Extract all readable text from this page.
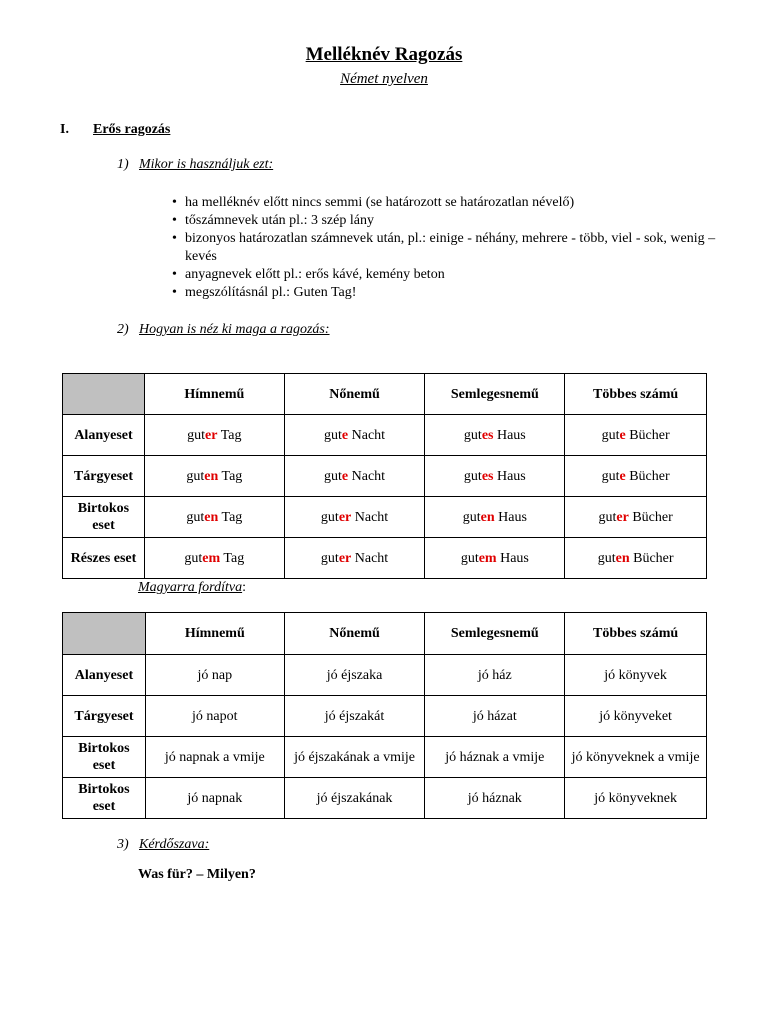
Melléknév Ragozás
Német nyelven
I. Erős ragozás
1) Mikor is használjuk ezt:
• ha melléknév előtt nincs semmi (se határozott se határozatlan névelő)
• tőszámnevek után pl.: 3 szép lány
• bizonyos határozatlan számnevek után, pl.: einige - néhány, mehrere - több, viel - sok, wenig – kevés
• anyagnevek előtt pl.: erős kávé, kemény beton
• megszólításnál pl.: Guten Tag!
2) Hogyan is néz ki maga a ragozás:
	Hímnemű	Nőnemű	Semlegesnemű	Többes számú
Alanyeset	guter Tag	gute Nacht	gutes Haus	gute Bücher
Tárgyeset	guten Tag	gute Nacht	gutes Haus	gute Bücher
Birtokos eset	guten Tag	guter Nacht	guten Haus	guter Bücher
Részes eset	gutem Tag	guter Nacht	gutem Haus	guten Bücher
Magyarra fordítva:
	Hímnemű	Nőnemű	Semlegesnemű	Többes számú
Alanyeset	jó nap	jó éjszaka	jó ház	jó könyvek
Tárgyeset	jó napot	jó éjszakát	jó házat	jó könyveket
Birtokos eset	jó napnak a vmije	jó éjszakának a vmije	jó háznak a vmije	jó könyveknek a vmije
Birtokos eset	jó napnak	jó éjszakának	jó háznak	jó könyveknek
3) Kérdőszava:
Was für? – Milyen?
